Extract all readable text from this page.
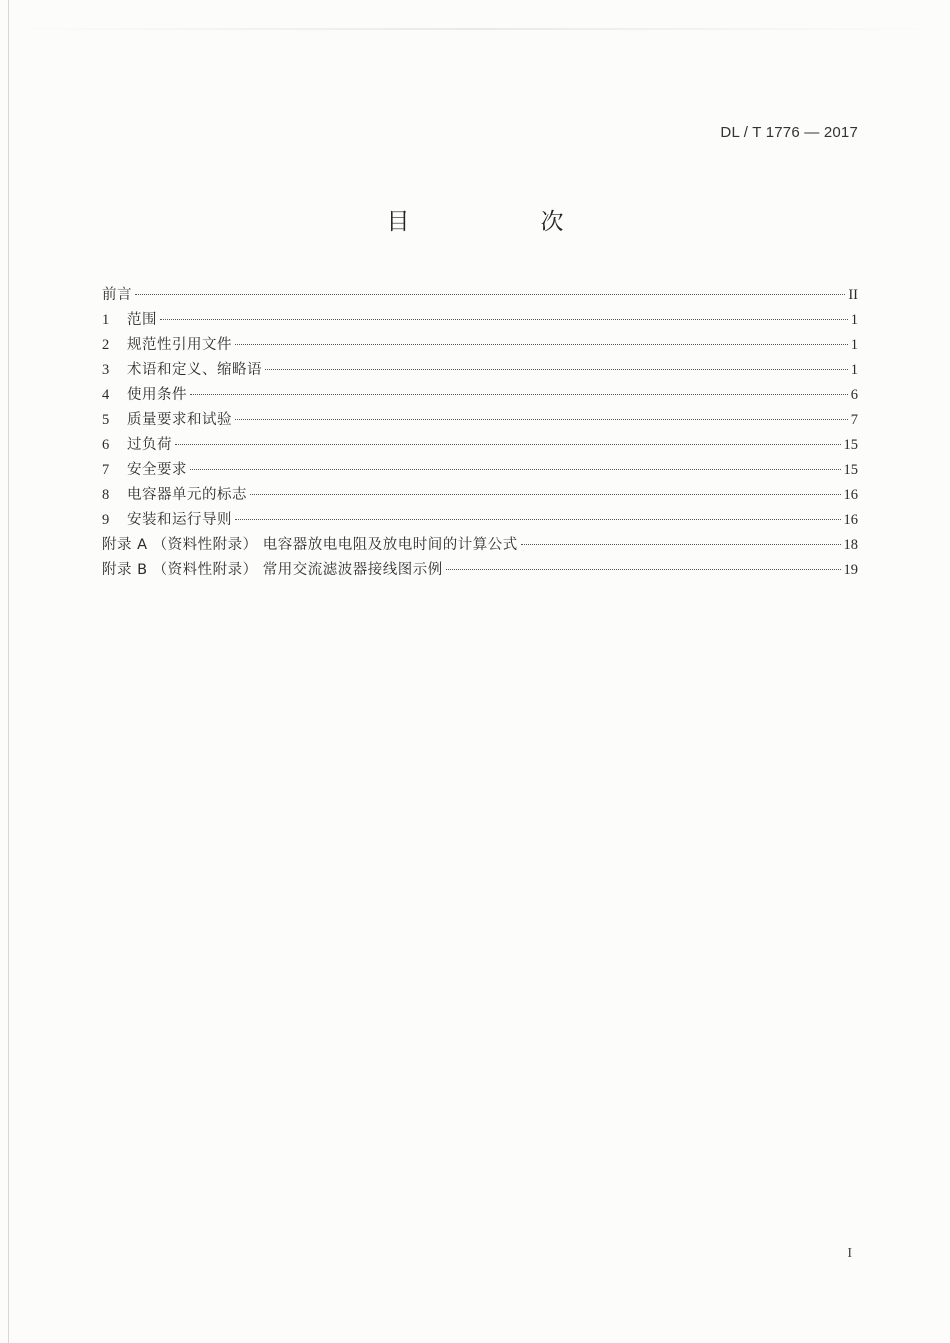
DL / T 1776 — 2017
目　次
前言	II
1	范围	1
2	规范性引用文件	1
3	术语和定义、缩略语	1
4	使用条件	6
5	质量要求和试验	7
6	过负荷	15
7	安全要求	15
8	电容器单元的标志	16
9	安装和运行导则	16
附录 A （资料性附录） 电容器放电电阻及放电时间的计算公式	18
附录 B （资料性附录） 常用交流滤波器接线图示例	19
I
